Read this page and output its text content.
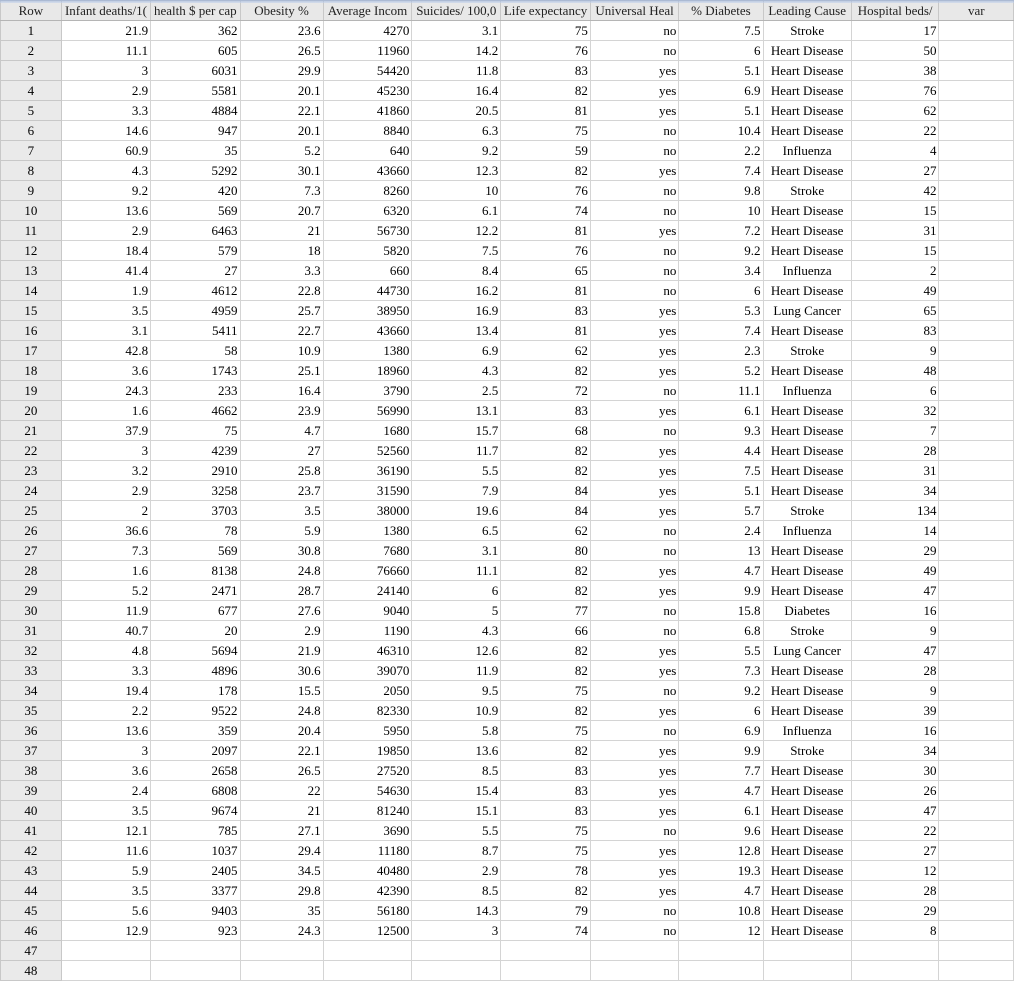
Row	Infant deaths/1(	health $ per cap	Obesity %	Average Incom	Suicides/ 100,0	Life expectancy	Universal Heal	% Diabetes	Leading Cause	Hospital beds/	var
1	21.9	362	23.6	4270	3.1	75	no	7.5	Stroke	17	
2	11.1	605	26.5	11960	14.2	76	no	6	Heart Disease	50	
3	3	6031	29.9	54420	11.8	83	yes	5.1	Heart Disease	38	
4	2.9	5581	20.1	45230	16.4	82	yes	6.9	Heart Disease	76	
5	3.3	4884	22.1	41860	20.5	81	yes	5.1	Heart Disease	62	
6	14.6	947	20.1	8840	6.3	75	no	10.4	Heart Disease	22	
7	60.9	35	5.2	640	9.2	59	no	2.2	Influenza	4	
8	4.3	5292	30.1	43660	12.3	82	yes	7.4	Heart Disease	27	
9	9.2	420	7.3	8260	10	76	no	9.8	Stroke	42	
10	13.6	569	20.7	6320	6.1	74	no	10	Heart Disease	15	
11	2.9	6463	21	56730	12.2	81	yes	7.2	Heart Disease	31	
12	18.4	579	18	5820	7.5	76	no	9.2	Heart Disease	15	
13	41.4	27	3.3	660	8.4	65	no	3.4	Influenza	2	
14	1.9	4612	22.8	44730	16.2	81	no	6	Heart Disease	49	
15	3.5	4959	25.7	38950	16.9	83	yes	5.3	Lung Cancer	65	
16	3.1	5411	22.7	43660	13.4	81	yes	7.4	Heart Disease	83	
17	42.8	58	10.9	1380	6.9	62	yes	2.3	Stroke	9	
18	3.6	1743	25.1	18960	4.3	82	yes	5.2	Heart Disease	48	
19	24.3	233	16.4	3790	2.5	72	no	11.1	Influenza	6	
20	1.6	4662	23.9	56990	13.1	83	yes	6.1	Heart Disease	32	
21	37.9	75	4.7	1680	15.7	68	no	9.3	Heart Disease	7	
22	3	4239	27	52560	11.7	82	yes	4.4	Heart Disease	28	
23	3.2	2910	25.8	36190	5.5	82	yes	7.5	Heart Disease	31	
24	2.9	3258	23.7	31590	7.9	84	yes	5.1	Heart Disease	34	
25	2	3703	3.5	38000	19.6	84	yes	5.7	Stroke	134	
26	36.6	78	5.9	1380	6.5	62	no	2.4	Influenza	14	
27	7.3	569	30.8	7680	3.1	80	no	13	Heart Disease	29	
28	1.6	8138	24.8	76660	11.1	82	yes	4.7	Heart Disease	49	
29	5.2	2471	28.7	24140	6	82	yes	9.9	Heart Disease	47	
30	11.9	677	27.6	9040	5	77	no	15.8	Diabetes	16	
31	40.7	20	2.9	1190	4.3	66	no	6.8	Stroke	9	
32	4.8	5694	21.9	46310	12.6	82	yes	5.5	Lung Cancer	47	
33	3.3	4896	30.6	39070	11.9	82	yes	7.3	Heart Disease	28	
34	19.4	178	15.5	2050	9.5	75	no	9.2	Heart Disease	9	
35	2.2	9522	24.8	82330	10.9	82	yes	6	Heart Disease	39	
36	13.6	359	20.4	5950	5.8	75	no	6.9	Influenza	16	
37	3	2097	22.1	19850	13.6	82	yes	9.9	Stroke	34	
38	3.6	2658	26.5	27520	8.5	83	yes	7.7	Heart Disease	30	
39	2.4	6808	22	54630	15.4	83	yes	4.7	Heart Disease	26	
40	3.5	9674	21	81240	15.1	83	yes	6.1	Heart Disease	47	
41	12.1	785	27.1	3690	5.5	75	no	9.6	Heart Disease	22	
42	11.6	1037	29.4	11180	8.7	75	yes	12.8	Heart Disease	27	
43	5.9	2405	34.5	40480	2.9	78	yes	19.3	Heart Disease	12	
44	3.5	3377	29.8	42390	8.5	82	yes	4.7	Heart Disease	28	
45	5.6	9403	35	56180	14.3	79	no	10.8	Heart Disease	29	
46	12.9	923	24.3	12500	3	74	no	12	Heart Disease	8	
47											
48											
